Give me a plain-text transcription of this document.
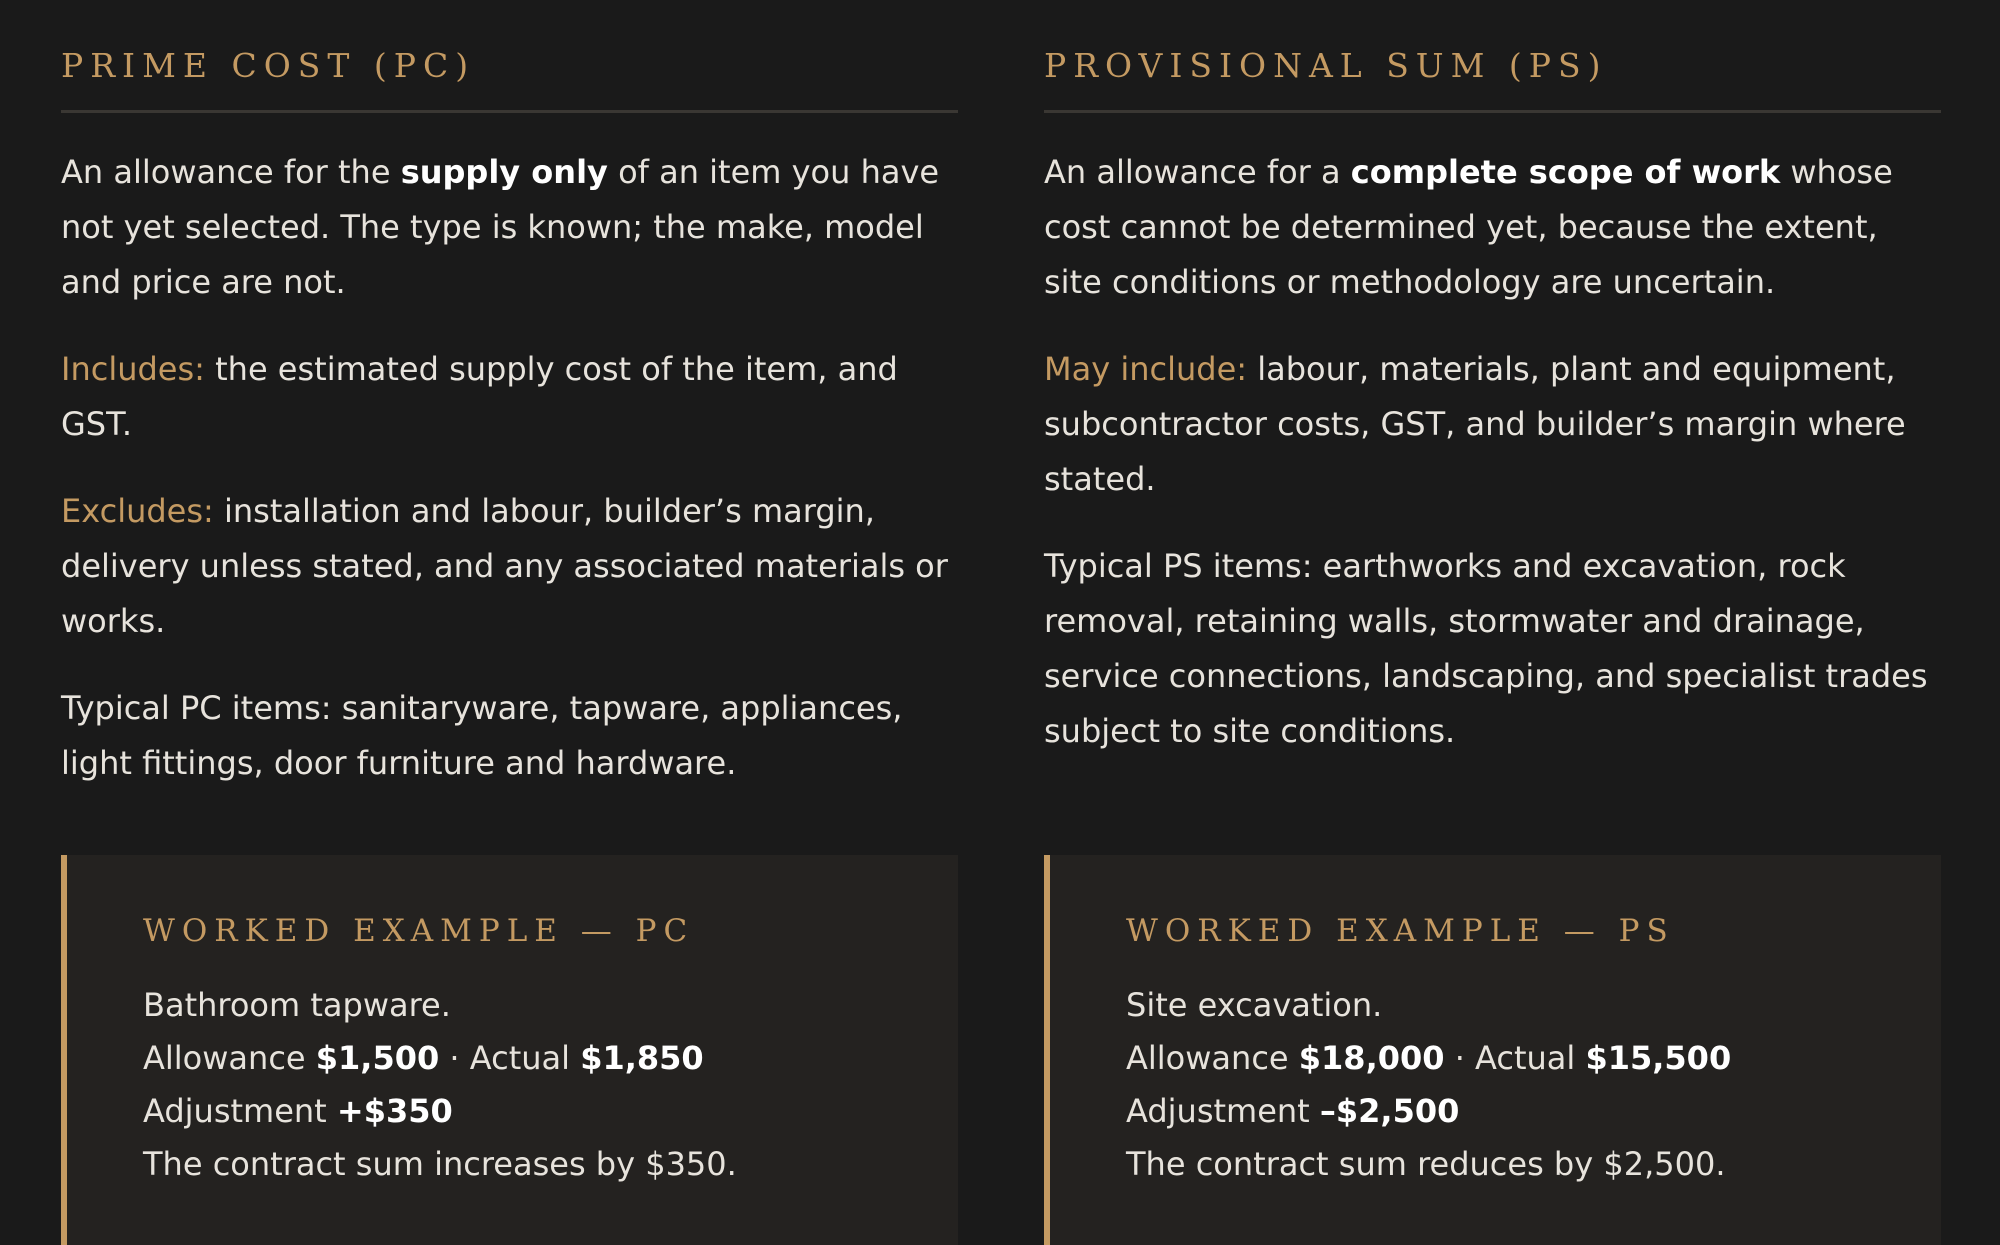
PRIME COST (PC)

An allowance for the supply only of an item you have not yet selected. The type is known; the make, model and price are not.

Includes: the estimated supply cost of the item, and GST.

Excludes: installation and labour, builder’s margin, delivery unless stated, and any associated materials or works.

Typical PC items: sanitaryware, tapware, appliances, light fittings, door furniture and hardware.

PROVISIONAL SUM (PS)

An allowance for a complete scope of work whose cost cannot be determined yet, because the extent, site conditions or methodology are uncertain.

May include: labour, materials, plant and equipment, subcontractor costs, GST, and builder’s margin where stated.

Typical PS items: earthworks and excavation, rock removal, retaining walls, stormwater and drainage, service connections, landscaping, and specialist trades subject to site conditions.

WORKED EXAMPLE — PC
Bathroom tapware.
Allowance $1,500 · Actual $1,850
Adjustment +$350
The contract sum increases by $350.
WORKED EXAMPLE — PS
Site excavation.
Allowance $18,000 · Actual $15,500
Adjustment –$2,500
The contract sum reduces by $2,500.
